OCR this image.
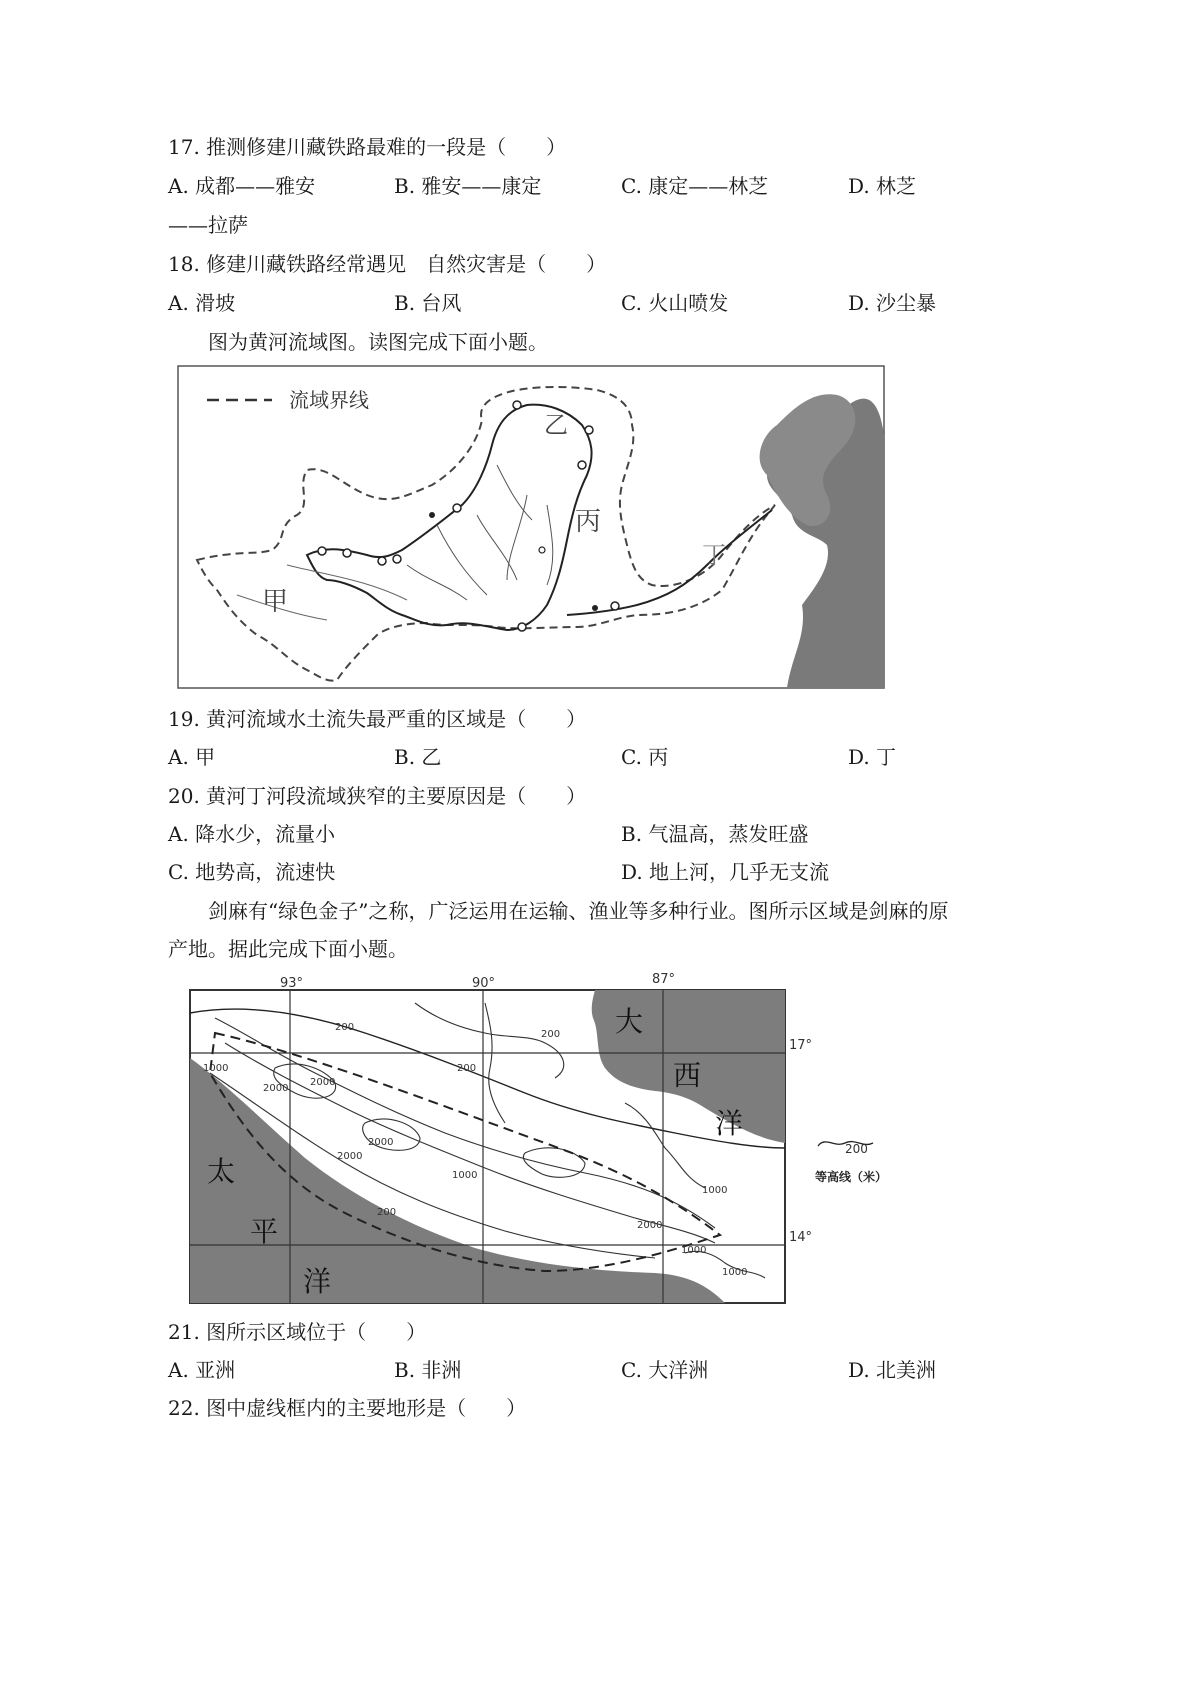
17. 推测修建川藏铁路最难的一段是（　　）
A. 成都——雅安	B. 雅安——康定	C. 康定——林芝	D. 林芝
——拉萨
18. 修建川藏铁路经常遇见　自然灾害是（　　）
A. 滑坡	B. 台风	C. 火山喷发	D. 沙尘暴
图为黄河流域图。读图完成下面小题。
流域界线
甲
乙
丙
丁
19. 黄河流域水土流失最严重的区域是（　　）
A. 甲	B. 乙	C. 丙	D. 丁
20. 黄河丁河段流域狭窄的主要原因是（　　）
A. 降水少，流量小	B. 气温高，蒸发旺盛
C. 地势高，流速快	D. 地上河，几乎无支流
剑麻有“绿色金子”之称，广泛运用在运输、渔业等多种行业。图所示区域是剑麻的原
产地。据此完成下面小题。
93°	90°	87°
17°
14°
大
西
洋
太
平
洋
200
1000
2000
200
2000
2000
2000
1000
200
1000
2000
1000
1000
200
200
等高线（米）
21. 图所示区域位于（　　）
A. 亚洲	B. 非洲	C. 大洋洲	D. 北美洲
22. 图中虚线框内的主要地形是（　　）
